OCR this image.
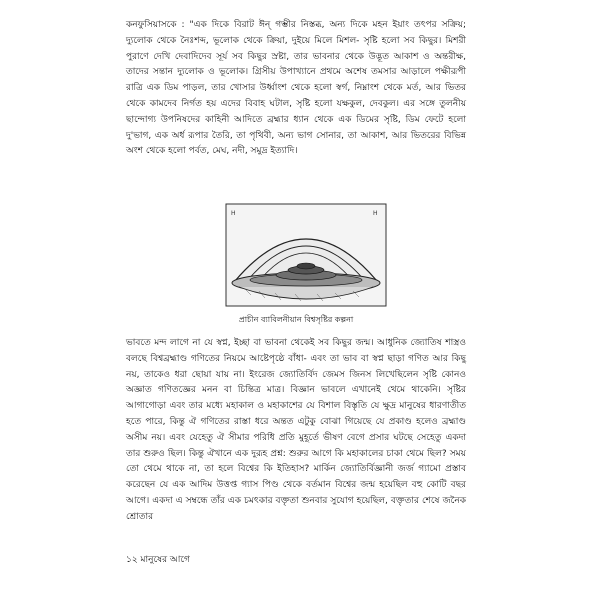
কনফুসিয়াসকে : "এক দিকে বিরাট ঈন্ গম্ভীর নিস্তব্ধ, অন্য দিকে মহন ইয়াং তৎপর সক্রিয়; দ্যুলোক থেকে নৈঃশব্দ, ভূলোক থেকে ক্রিয়া, দুইয়ে মিলে মিশল- সৃষ্টি হলো সব কিছুর। মিশরী পুরাণে দেখি দেবাদিদেব সূর্য সব কিছুর স্রষ্টা, তার ভাবনার থেকে উদ্ভূত আকাশ ও অন্তরীক্ষ, তাদের সন্তান দ্যুলোক ও ভূলোক। গ্রিসীয় উপাখ্যানে প্রথমে অশেষ তমসার আড়ালে পক্ষীরূপী রাত্রি এক ডিম পাড়ল, তার খোসার উর্ধ্বাংশ থেকে হলো স্বর্গ, নিম্নাংশ থেকে মর্ত, আর ভিতর থেকে কামদেব নির্গত হয় এদের বিবাহ ঘটাল, সৃষ্টি হলো যক্ষকুল, দেবকুল। এর সঙ্গে তুলনীয় ছান্দোগ্য উপনিষদের কাহিনী আদিতে ব্রহ্মার ধ্যান থেকে এক ডিমের সৃষ্টি, ডিম ফেটে হলো দু'ভাগ, এক অর্ধ রূপার তৈরি, তা পৃথিবী, অন্য ভাগ সোনার, তা আকাশ, আর ভিতরের বিভিন্ন অংশ থেকে হলো পর্বত, মেঘ, নদী, সমুদ্র ইত্যাদি।

H	H
প্রাচীন ব্যাবিলনীয়ান বিশ্বসৃষ্টির কল্পনা

ভাবতে মন্দ লাগে না যে স্বপ্ন, ইচ্ছা বা ভাবনা থেকেই সব কিছুর জন্ম। আধুনিক জ্যোতিষ শাস্ত্রও বলছে বিশ্বব্রহ্মাণ্ড গণিতের নিয়মে আষ্টেপৃষ্ঠে বাঁধা- এবং তা ভাব বা স্বপ্ন ছাড়া গণিত আর কিছু নয়, তাকেও ধরা ছোয়া যায় না। ইংরেজ জ্যোতির্বিদ জেমস জিনস লিখেছিলেন সৃষ্টি কোনও অজ্ঞাত গণিতজ্ঞের মনন বা চিন্তিত্র মাত্র। বিজ্ঞান ভাবলে এখানেই থেমে থাকেনি। সৃষ্টির আগাগোড়া এবং তার মধ্যে মহাকাল ও মহাকাশের যে বিশাল বিস্তৃতি যে ক্ষুদ্র মানুষের ধারণাতীত হতে পারে, কিন্তু ঐ গণিতের রাস্তা ধরে অন্তত এটুকু বোঝা গিয়েছে যে প্রকাণ্ড হলেও ব্রহ্মাণ্ড অসীম নয়। এবং যেহেতু ঐ সীমার পরিধি প্রতি মুহূর্তে ভীষণ বেগে প্রসার ঘটছে সেহেতু একদা তার শুরুও ছিল। কিন্তু ঐখানে এক দুরূহ প্রশ্ন: শুরুর আগে কি মহাকালের চাকা থেমে ছিল? সময় তো থেমে থাকে না, তা হলে বিশ্বের কি ইতিহাস? মার্কিন জ্যোতির্বিজ্ঞানী জর্জ গ্যামো প্রস্তাব করেছেন যে এক আদিম উত্তপ্ত গ্যাস পিণ্ড থেকে বর্তমান বিশ্বের জন্ম হয়েছিল বহু কোটি বছর আগে। একদা এ সম্বন্ধে তাঁর এক চমৎকার বক্তৃতা শুনবার সুযোগ হয়েছিল, বক্তৃতার শেষে জনৈক শ্রোতার

১২ মানুষের আগে
